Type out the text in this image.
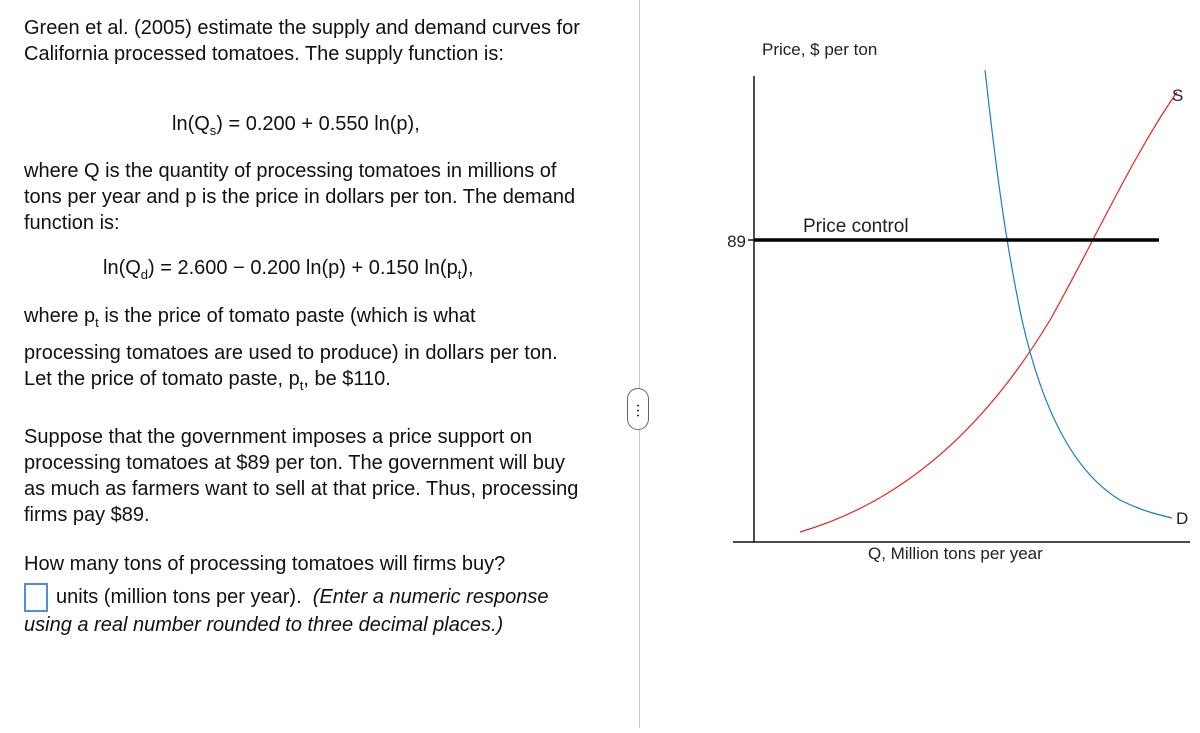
Green et al. (2005) estimate the supply and demand curves for California processed tomatoes. The supply function is:

$\ln(Q_s) = 0.200 + 0.550$ ln(p),

where Q is the quantity of processing tomatoes in millions of tons per year and p is the price in dollars per ton. The demand function is:

$\ln(Q_d) = 2.600 - 0.200$ ln(p) + 0.150 $\ln(p_t)$,

where $p_t$ is the price of tomato paste (which is what

processing tomatoes are used to produce) in dollars per ton. Let the price of tomato paste, $p_t$, be $110.

Suppose that the government imposes a price support on processing tomatoes at $89 per ton. The government will buy as much as farmers want to sell at that price. Thus, processing firms pay $89.

How many tons of processing tomatoes will firms buy?

units (million tons per year). (Enter a numeric response using a real number rounded to three decimal places.)

⋯
Price, $ per ton
89
Price control
S
D
Q, Million tons per year
